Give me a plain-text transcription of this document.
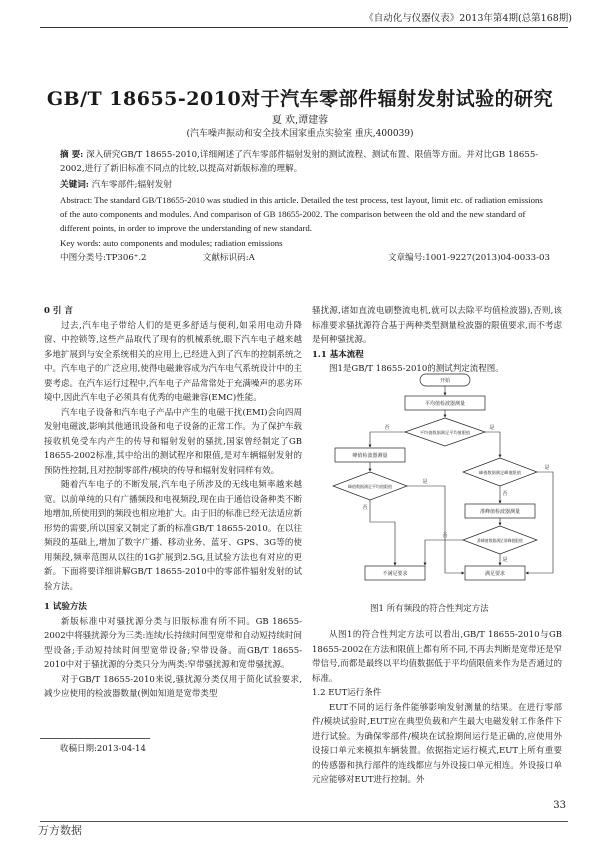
《自动化与仪器仪表》2013年第4期(总第168期)
GB/T 18655-2010对于汽车零部件辐射发射试验的研究
夏 欢,谭建蓉
(汽车噪声振动和安全技术国家重点实验室 重庆,400039)
摘 要: 深入研究GB/T 18655-2010,详细阐述了汽车零部件辐射发射的测试流程、测试布置、限值等方面。并对比GB 18655-2002,进行了新旧标准不同点的比较,以提高对新版标准的理解。
关键词: 汽车零部件;辐射发射
Abstract: The standard GB/T18655-2010 was studied in this article. Detailed the test process, test layout, limit etc. of radiation emissions of the auto components and modules. And comparison of GB 18655-2002. The comparison between the old and the new standard of different points, in order to improve the understanding of new standard.
Key words: auto components and modules; radiation emissions
中图分类号:TP306⁺.2	文献标识码:A	文章编号:1001-9227(2013)04-0033-03

0 引 言

过去,汽车电子带给人们的是更多舒适与便利,如采用电动升降窗、中控锁等,这些产品取代了现有的机械系统,眼下汽车电子越来越多地扩展到与安全系统相关的应用上,已经进入到了汽车的控制系统之中。汽车电子的广泛应用,使得电磁兼容成为汽车电气系统设计中的主要考虑。在汽车运行过程中,汽车电子产品常常处于充满噪声的恶劣环境中,因此汽车电子必须具有优秀的电磁兼容(EMC)性能。

汽车电子设备和汽车电子产品中产生的电磁干扰(EMI)会向四周发射电磁波,影响其他通讯设备和电子设备的正常工作。为了保护车载接收机免受车内产生的传导和辐射发射的骚扰,国家曾经制定了GB 18655-2002标准,其中给出的测试程序和限值,是对车辆辐射发射的预防性控制,且对控制零部件/模块的传导和辐射发射同样有效。

随着汽车电子的不断发展,汽车电子所涉及的无线电频率越来越宽。以前单纯的只有广播频段和电视频段,现在由于通信设备种类不断地增加,所使用到的频段也相应地扩大。由于旧的标准已经无法适应新形势的需要,所以国家又制定了新的标准GB/T 18655-2010。在以往频段的基础上,增加了数字广播、移动业务、蓝牙、GPS、3G等的使用频段,频率范围从以往的1G扩展到2.5G,且试验方法也有对应的更新。下面将要详细讲解GB/T 18655-2010中的零部件辐射发射的试验方法。

1 试验方法

新版标准中对骚扰源分类与旧版标准有所不同。GB 18655-2002中将骚扰源分为三类:连续/长持续时间型宽带和自动短持续时间型设备;手动短持续时间型宽带设备;窄带设备。而GB/T 18655-2010中对于骚扰源的分类只分为两类:窄带骚扰源和宽带骚扰源。

对于GB/T 18655-2010来说,骚扰源分类仅用于简化试验要求,减少应使用的检波器数量(例如知道是宽带类型

收稿日期:2013-04-14

骚扰源,诸如直流电刷整流电机,就可以去除平均值检波器),否则,该标准要求骚扰源符合基于两种类型测量检波器的限值要求,而不考虑是何种骚扰源。

1.1 基本流程

图1是GB/T 18655-2010的测试判定流程图。

开始
平均值检波器测量
平均值数据满足平均值限值
峰值检波器测量
峰值数据满足平均值限值
峰值数据满足峰值限值
准峰值检波器测量
准峰值数据满足准峰值限值
不满足要求	满足要求
否	是
否
是
否
是
否
是
图1 所有频段的符合性判定方法

从图1的符合性判定方法可以看出,GB/T 18655-2010与GB 18655-2002在方法和限值上都有所不同,不再去判断是宽带还是窄带信号,而都是最终以平均值数据低于平均值限值来作为是否通过的标准。

1.2 EUT运行条件

EUT不同的运行条件能够影响发射测量的结果。在进行零部件/模块试验时,EUT应在典型负载和产生最大电磁发射工作条件下进行试验。为确保零部件/模块在试验期间运行是正确的,应使用外设接口单元来模拟车辆装置。依据指定运行模式,EUT上所有重要的传感器和执行部件的连线都应与外设接口单元相连。外设接口单元应能够对EUT进行控制。外

33
万方数据
